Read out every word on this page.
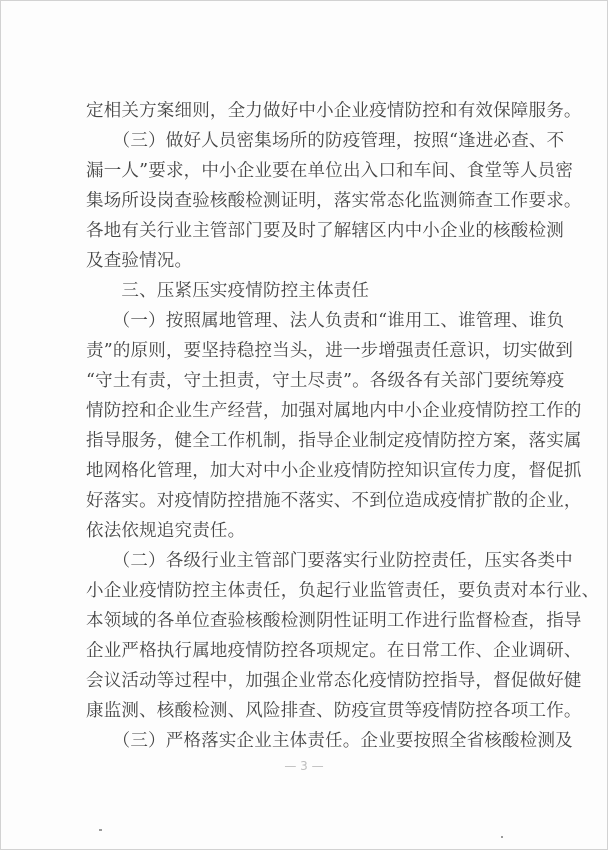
定相关方案细则，全力做好中小企业疫情防控和有效保障服务。

　　（三）做好人员密集场所的防疫管理，按照“逢进必查、不

漏一人”要求，中小企业要在单位出入口和车间、食堂等人员密

集场所设岗查验核酸检测证明，落实常态化监测筛查工作要求。

各地有关行业主管部门要及时了解辖区内中小企业的核酸检测

及查验情况。

　　三、压紧压实疫情防控主体责任

　　（一）按照属地管理、法人负责和“谁用工、谁管理、谁负

责”的原则，要坚持稳控当头，进一步增强责任意识，切实做到

“守土有责，守土担责，守土尽责”。各级各有关部门要统筹疫

情防控和企业生产经营，加强对属地内中小企业疫情防控工作的

指导服务，健全工作机制，指导企业制定疫情防控方案，落实属

地网格化管理，加大对中小企业疫情防控知识宣传力度，督促抓

好落实。对疫情防控措施不落实、不到位造成疫情扩散的企业，

依法依规追究责任。

　　（二）各级行业主管部门要落实行业防控责任，压实各类中

小企业疫情防控主体责任，负起行业监管责任，要负责对本行业、

本领域的各单位查验核酸检测阴性证明工作进行监督检查，指导

企业严格执行属地疫情防控各项规定。在日常工作、企业调研、

会议活动等过程中，加强企业常态化疫情防控指导，督促做好健

康监测、核酸检测、风险排查、防疫宣贯等疫情防控各项工作。

　　（三）严格落实企业主体责任。企业要按照全省核酸检测及

— 3 —
